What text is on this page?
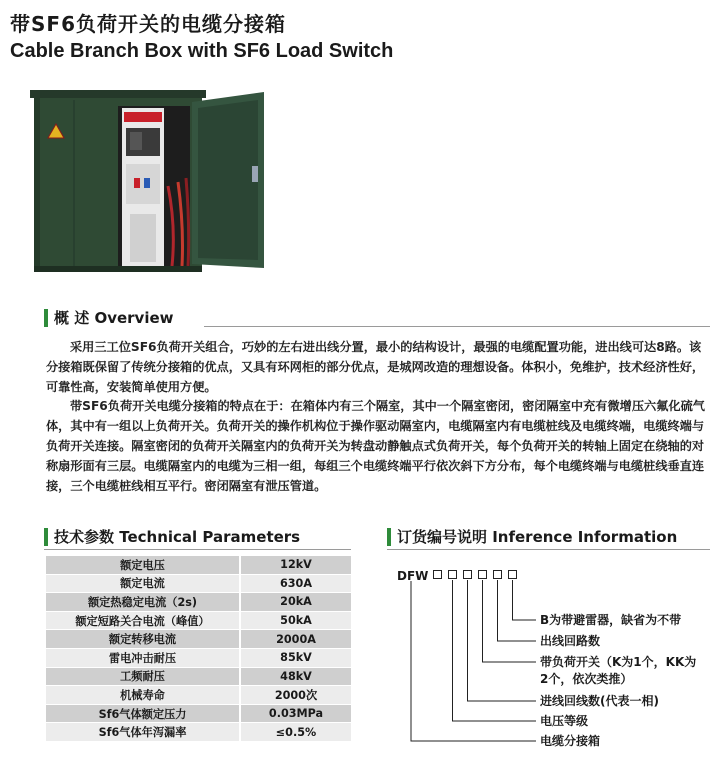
带SF6负荷开关的电缆分接箱
Cable Branch Box with SF6 Load Switch
概 述 Overview

采用三工位SF6负荷开关组合，巧妙的左右进出线分置，最小的结构设计，最强的电缆配置功能，进出线可达8路。该分接箱既保留了传统分接箱的优点，又具有环网柜的部分优点，是城网改造的理想设备。体积小，免维护，技术经济性好，可靠性高，安装简单使用方便。

带SF6负荷开关电缆分接箱的特点在于：在箱体内有三个隔室，其中一个隔室密闭，密闭隔室中充有微增压六氟化硫气体，其中有一组以上负荷开关。负荷开关的操作机构位于操作驱动隔室内，电缆隔室内有电缆桩线及电缆终端，电缆终端与负荷开关连接。隔室密闭的负荷开关隔室内的负荷开关为转盘动静触点式负荷开关，每个负荷开关的转轴上固定在绕轴的对称扇形面有三层。电缆隔室内的电缆为三相一组，每组三个电缆终端平行依次斜下方分布，每个电缆终端与电缆桩线垂直连接，三个电缆桩线相互平行。密闭隔室有泄压管道。

技术参数 Technical Parameters
额定电压	12kV
额定电流	630A
额定热稳定电流（2s)	20kA
额定短路关合电流（峰值）	50kA
额定转移电流	2000A
雷电冲击耐压	85kV
工频耐压	48kV
机械寿命	2000次
Sf6气体额定压力	0.03MPa
Sf6气体年泻漏率	≤0.5%
订货编号说明 Inference Information
DFW
B为带避雷器，缺省为不带
出线回路数
带负荷开关（K为1个，KK为2个，依次类推）
进线回线数(代表一相)
电压等级
电缆分接箱
